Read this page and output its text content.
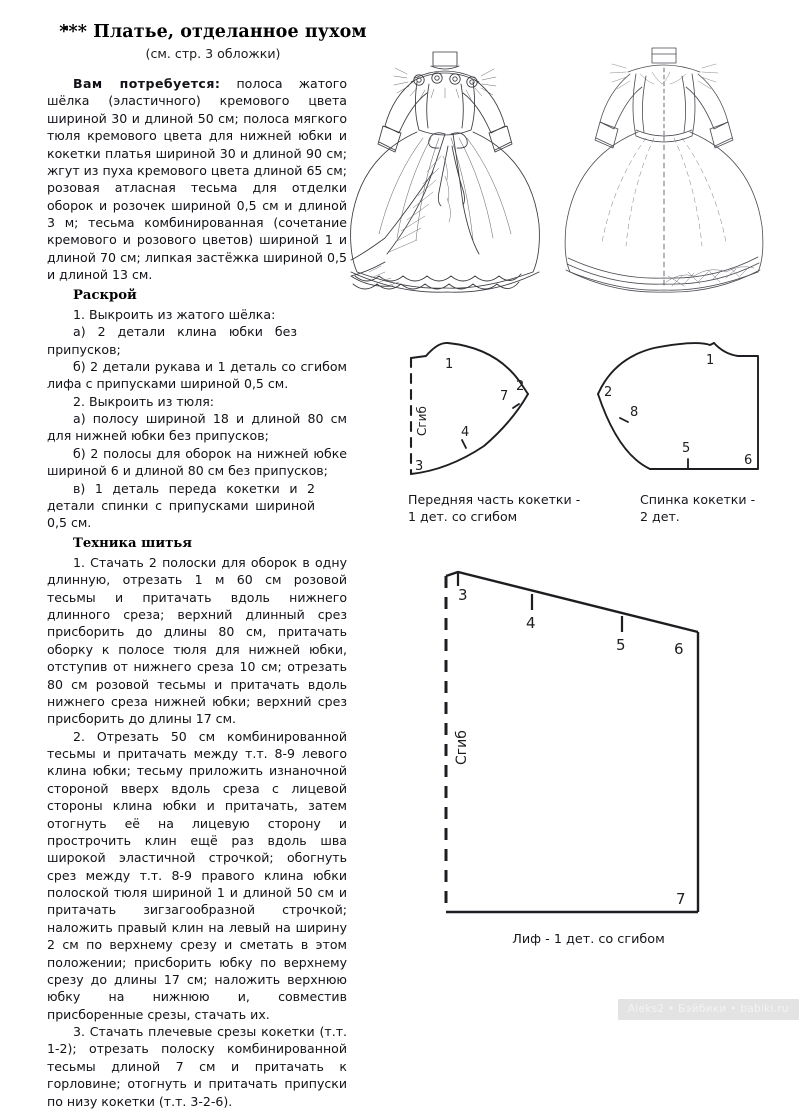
*** Платье, отделанное пухом
(см. стр. 3 обложки)

Вам потребуется: полоса жатого шёлка (эластичного) кремового цвета шириной 30 и длиной 50 см; полоса мягкого тюля кремового цвета для нижней юбки и кокетки платья шириной 30 и длиной 90 см; жгут из пуха кремового цвета длиной 65 см; розовая атласная тесьма для отделки оборок и розочек шириной 0,5 см и длиной 3 м; тесьма комбинированная (сочетание кремового и розового цветов) шириной 1 и длиной 70 см; липкая застёжка шириной 0,5 и длиной 13 см.

Раскрой

1. Выкроить из жатого шёлка:

а) 2 детали клина юбки без припусков;

б) 2 детали рукава и 1 деталь со сгибом лифа с припусками шириной 0,5 см.

2. Выкроить из тюля:

а) полосу шириной 18 и длиной 80 см для нижней юбки без припусков;

б) 2 полосы для оборок на нижней юбке шириной 6 и длиной 80 см без припусков;

в) 1 деталь переда кокетки и 2 детали спинки с припусками шириной 0,5 см.

Техника шитья

1. Стачать 2 полоски для оборок в одну длинную, отрезать 1 м 60 см розовой тесьмы и притачать вдоль нижнего длинного среза; верхний длинный срез присборить до длины 80 см, притачать оборку к полосе тюля для нижней юбки, отступив от нижнего среза 10 см; отрезать 80 см розовой тесьмы и притачать вдоль нижнего среза нижней юбки; верхний срез присборить до длины 17 см.

2. Отрезать 50 см комбинированной тесьмы и притачать между т.т. 8-9 левого клина юбки; тесьму приложить изнаночной стороной вверх вдоль среза с лицевой стороны клина юбки и притачать, затем отогнуть её на лицевую сторону и прострочить клин ещё раз вдоль шва широкой эластичной строчкой; обогнуть срез между т.т. 8-9 правого клина юбки полоской тюля шириной 1 и длиной 50 см и притачать зигзагообразной строчкой; наложить правый клин на левый на ширину 2 см по верхнему срезу и сметать в этом положении; присборить юбку по верхнему срезу до длины 17 см; наложить верхнюю юбку на нижнюю и, совместив присборенные срезы, стачать их.

3. Стачать плечевые срезы кокетки (т.т. 1-2); отрезать полоску комбинированной тесьмы длиной 7 см и притачать к горловине; отогнуть и притачать припуски по низу кокетки (т.т. 3-2-6).

1
2
3
4
7
Сгиб
1
2
8
5
6
Передняя часть кокетки -
1 дет. со сгибом
Спинка кокетки -
2 дет.
3
4
5	6
7
Сгиб
Лиф - 1 дет. со сгибом
Aleks2 • Бэйбики • babiki.ru
